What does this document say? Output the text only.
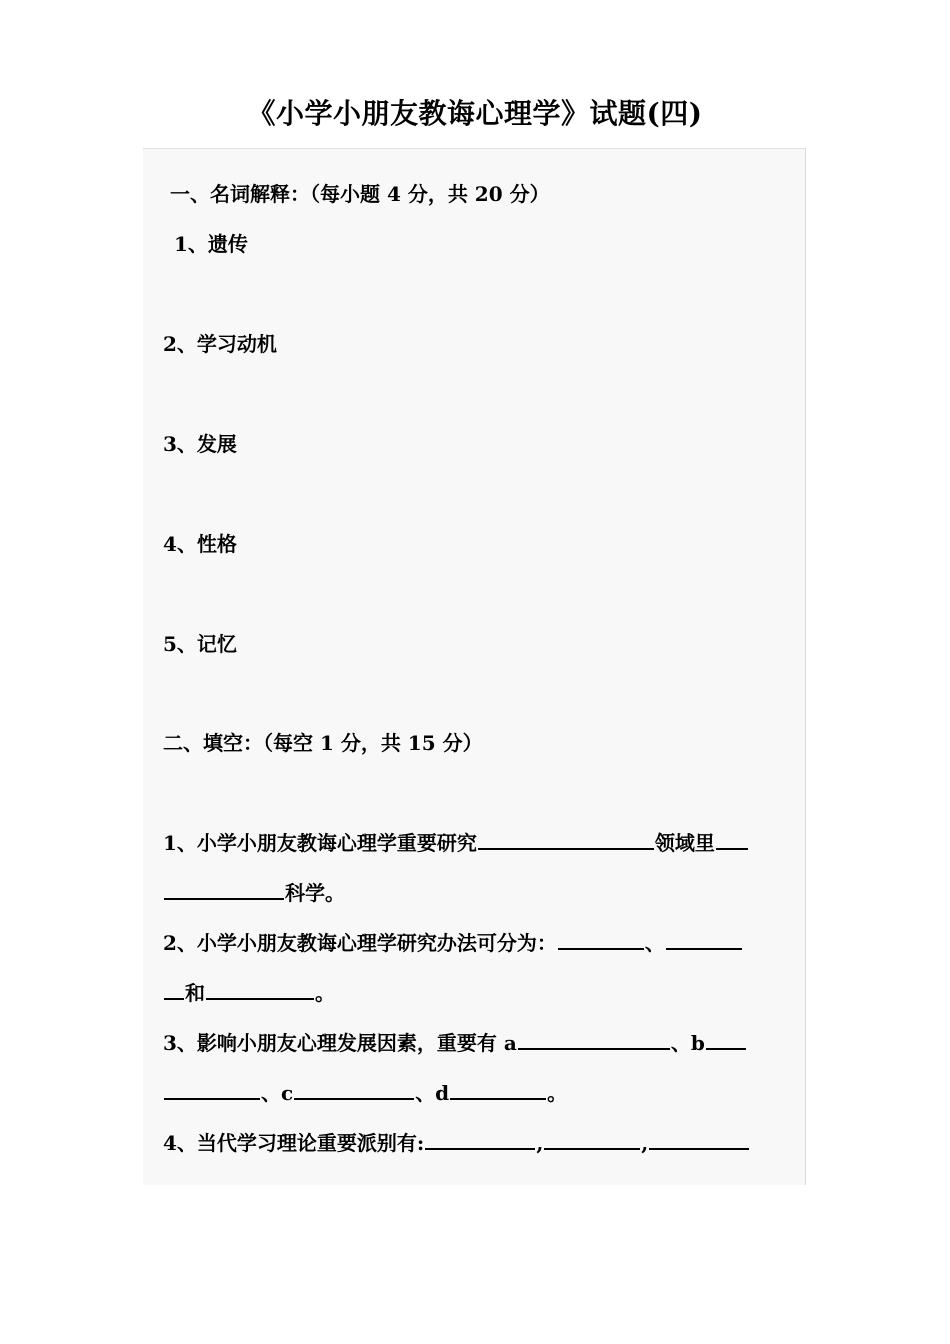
《小学小朋友教诲心理学》试题(四)
一、名词解释：（每小题 4 分，共 20 分）
1、遗传
2、学习动机
3、发展
4、性格
5、记忆
二、填空：（每空 1 分，共 15 分）
1、小学小朋友教诲心理学重要研究	领域里
科学。
2、小学小朋友教诲心理学研究办法可分为：	、
和	。
3、影响小朋友心理发展因素，重要有 a	、b
、c	、d	。
4、当代学习理论重要派别有:	,	,
